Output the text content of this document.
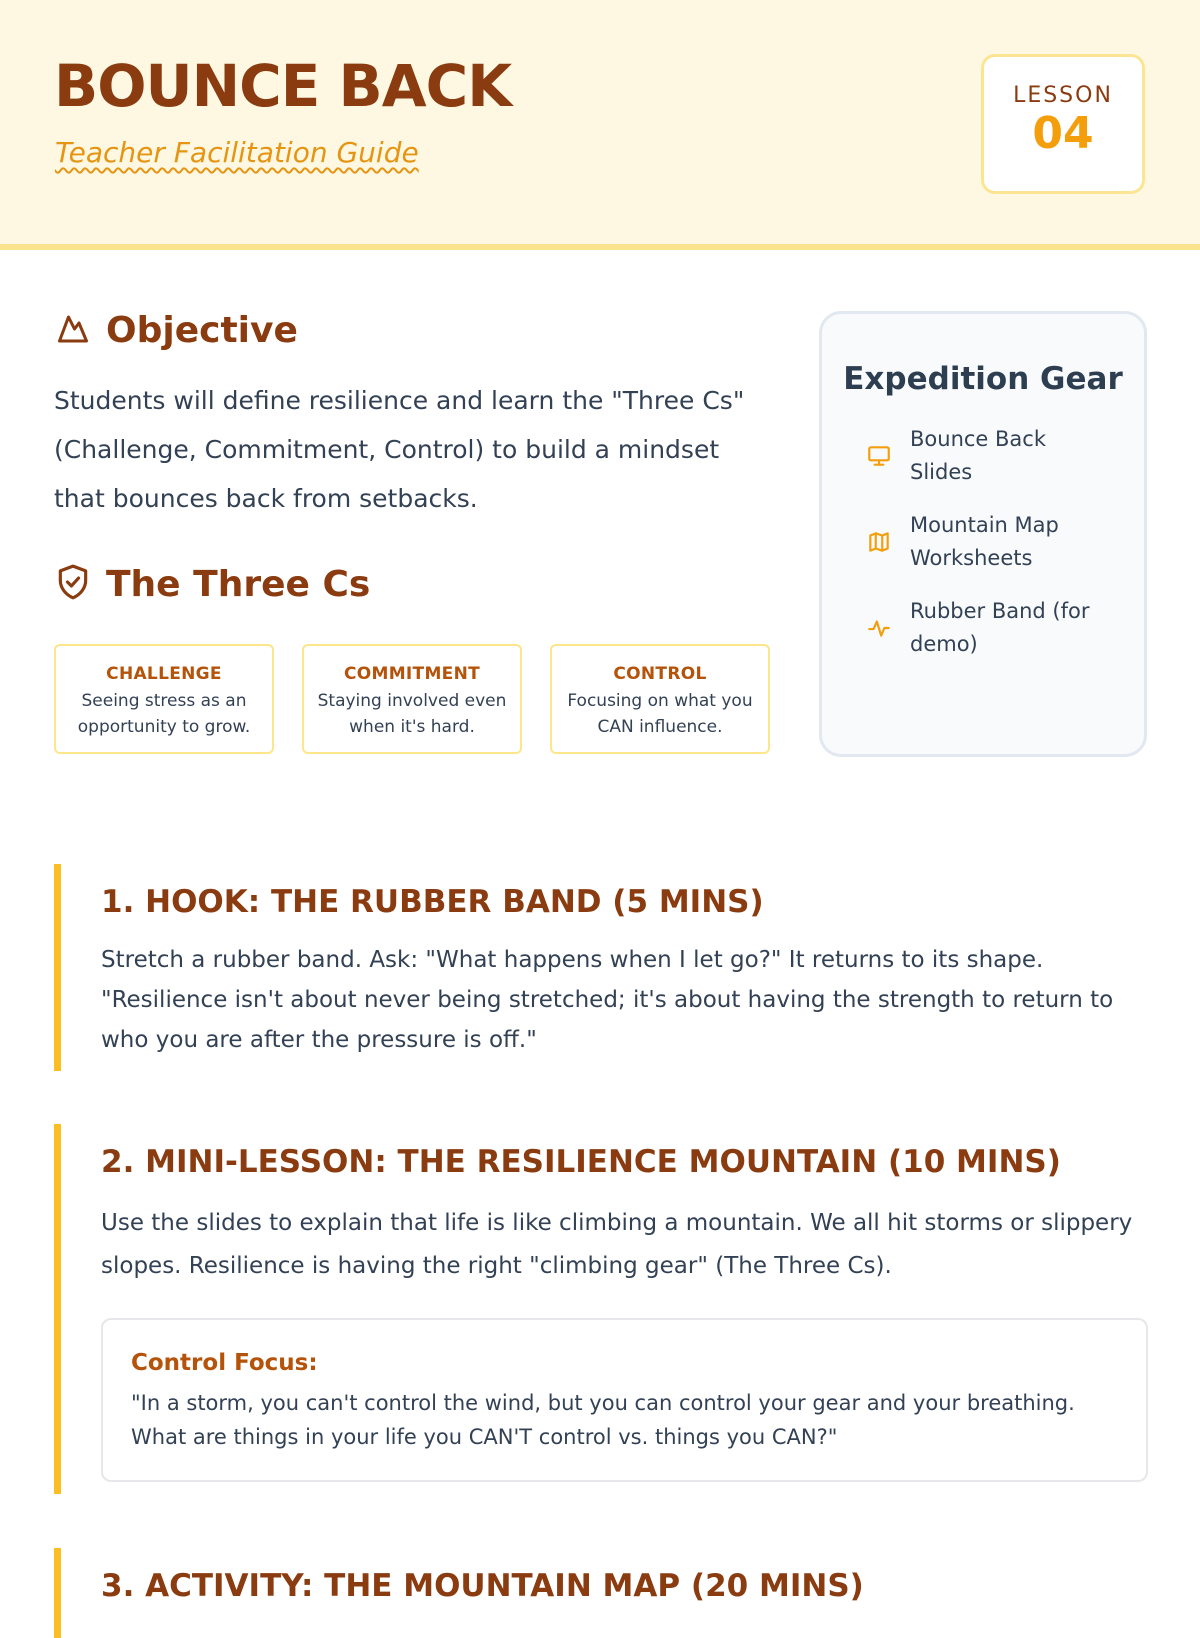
BOUNCE BACK
Teacher Facilitation Guide
LESSON
04
Objective

Students will define resilience and learn the "Three Cs" (Challenge, Commitment, Control) to build a mindset that bounces back from setbacks.

The Three Cs
CHALLENGE
Seeing stress as an opportunity to grow.
COMMITMENT
Staying involved even when it's hard.
CONTROL
Focusing on what you CAN influence.
Expedition Gear
Bounce Back Slides
Mountain Map Worksheets
Rubber Band (for demo)
1. HOOK: THE RUBBER BAND (5 MINS)

Stretch a rubber band. Ask: "What happens when I let go?" It returns to its shape. "Resilience isn't about never being stretched; it's about having the strength to return to who you are after the pressure is off."

2. MINI-LESSON: THE RESILIENCE MOUNTAIN (10 MINS)

Use the slides to explain that life is like climbing a mountain. We all hit storms or slippery slopes. Resilience is having the right "climbing gear" (The Three Cs).

Control Focus:
"In a storm, you can't control the wind, but you can control your gear and your breathing. What are things in your life you CAN'T control vs. things you CAN?"
3. ACTIVITY: THE MOUNTAIN MAP (20 MINS)
